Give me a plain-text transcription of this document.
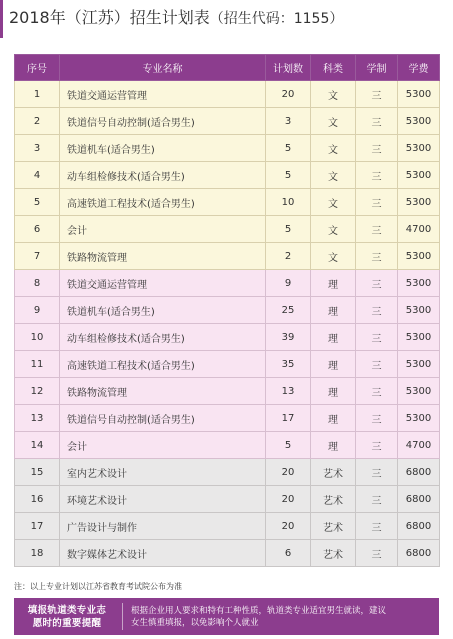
2018年（江苏）招生计划表（招生代码：1155）
序号	专业名称	计划数	科类	学制	学费
1	铁道交通运营管理	20	文	三	5300
2	铁道信号自动控制(适合男生)	3	文	三	5300
3	铁道机车(适合男生)	5	文	三	5300
4	动车组检修技术(适合男生)	5	文	三	5300
5	高速铁道工程技术(适合男生)	10	文	三	5300
6	会计	5	文	三	4700
7	铁路物流管理	2	文	三	5300
8	铁道交通运营管理	9	理	三	5300
9	铁道机车(适合男生)	25	理	三	5300
10	动车组检修技术(适合男生)	39	理	三	5300
11	高速铁道工程技术(适合男生)	35	理	三	5300
12	铁路物流管理	13	理	三	5300
13	铁道信号自动控制(适合男生)	17	理	三	5300
14	会计	5	理	三	4700
15	室内艺术设计	20	艺术	三	6800
16	环境艺术设计	20	艺术	三	6800
17	广告设计与制作	20	艺术	三	6800
18	数字媒体艺术设计	6	艺术	三	6800
注：以上专业计划以江苏省教育考试院公布为准
填报轨道类专业志
愿时的重要提醒
根据企业用人要求和特有工种性质，轨道类专业适宜男生就读，建议
女生慎重填报，以免影响个人就业
